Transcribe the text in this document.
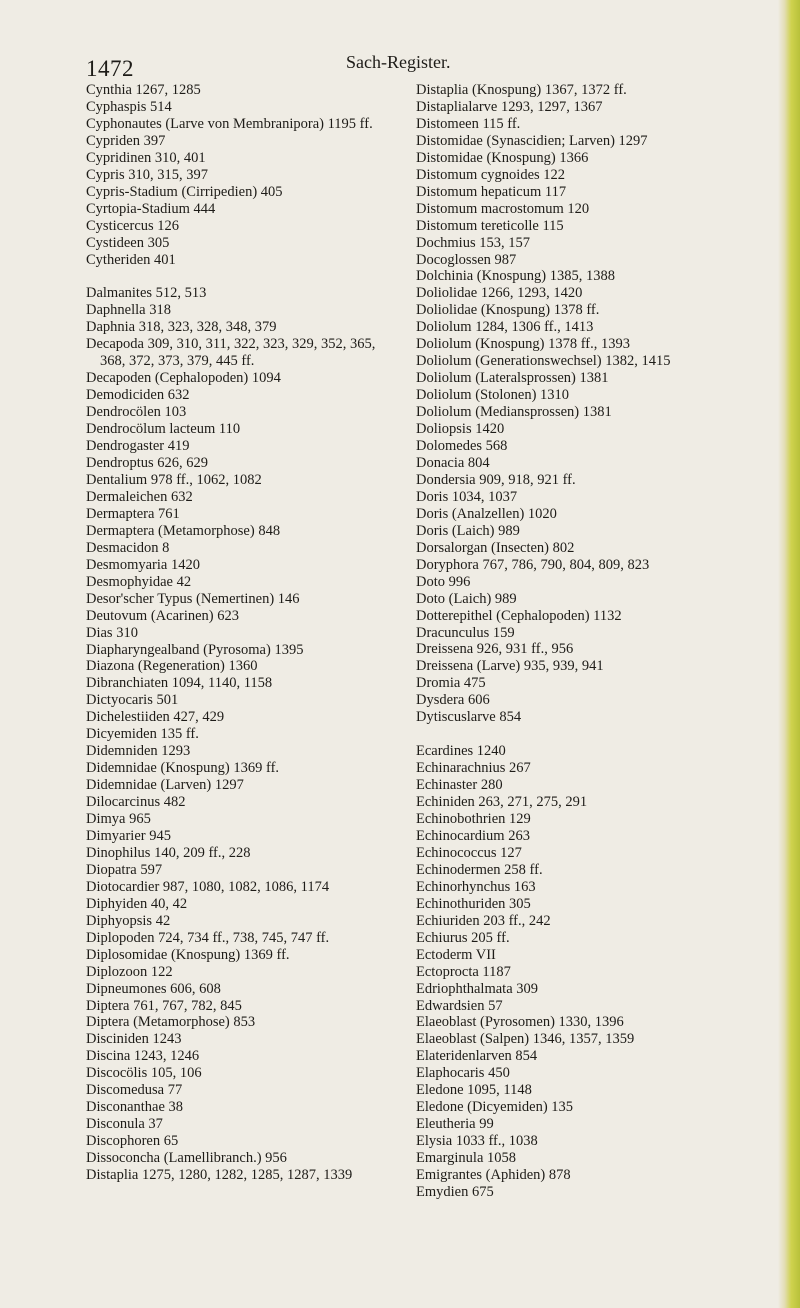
1472	Sach-Register.
Cynthia 1267, 1285
Cyphaspis 514
Cyphonautes (Larve von Membranipora) 1195 ff.
Cypriden 397
Cypridinen 310, 401
Cypris 310, 315, 397
Cypris-Stadium (Cirripedien) 405
Cyrtopia-Stadium 444
Cysticercus 126
Cystideen 305
Cytheriden 401
Dalmanites 512, 513
Daphnella 318
Daphnia 318, 323, 328, 348, 379
Decapoda 309, 310, 311, 322, 323, 329, 352, 365, 368, 372, 373, 379, 445 ff.
Decapoden (Cephalopoden) 1094
Demodiciden 632
Dendrocölen 103
Dendrocölum lacteum 110
Dendrogaster 419
Dendroptus 626, 629
Dentalium 978 ff., 1062, 1082
Dermaleichen 632
Dermaptera 761
Dermaptera (Metamorphose) 848
Desmacidon 8
Desmomyaria 1420
Desmophyidae 42
Desor'scher Typus (Nemertinen) 146
Deutovum (Acarinen) 623
Dias 310
Diapharyngealband (Pyrosoma) 1395
Diazona (Regeneration) 1360
Dibranchiaten 1094, 1140, 1158
Dictyocaris 501
Dichelestiiden 427, 429
Dicyemiden 135 ff.
Didemniden 1293
Didemnidae (Knospung) 1369 ff.
Didemnidae (Larven) 1297
Dilocarcinus 482
Dimya 965
Dimyarier 945
Dinophilus 140, 209 ff., 228
Diopatra 597
Diotocardier 987, 1080, 1082, 1086, 1174
Diphyiden 40, 42
Diphyopsis 42
Diplopoden 724, 734 ff., 738, 745, 747 ff.
Diplosomidae (Knospung) 1369 ff.
Diplozoon 122
Dipneumones 606, 608
Diptera 761, 767, 782, 845
Diptera (Metamorphose) 853
Disciniden 1243
Discina 1243, 1246
Discocölis 105, 106
Discomedusa 77
Disconanthae 38
Disconula 37
Discophoren 65
Dissoconcha (Lamellibranch.) 956
Distaplia 1275, 1280, 1282, 1285, 1287, 1339
Distaplia (Knospung) 1367, 1372 ff.
Distaplialarve 1293, 1297, 1367
Distomeen 115 ff.
Distomidae (Synascidien; Larven) 1297
Distomidae (Knospung) 1366
Distomum cygnoides 122
Distomum hepaticum 117
Distomum macrostomum 120
Distomum tereticolle 115
Dochmius 153, 157
Docoglossen 987
Dolchinia (Knospung) 1385, 1388
Doliolidae 1266, 1293, 1420
Doliolidae (Knospung) 1378 ff.
Doliolum 1284, 1306 ff., 1413
Doliolum (Knospung) 1378 ff., 1393
Doliolum (Generationswechsel) 1382, 1415
Doliolum (Lateralsprossen) 1381
Doliolum (Stolonen) 1310
Doliolum (Mediansprossen) 1381
Doliopsis 1420
Dolomedes 568
Donacia 804
Dondersia 909, 918, 921 ff.
Doris 1034, 1037
Doris (Analzellen) 1020
Doris (Laich) 989
Dorsalorgan (Insecten) 802
Doryphora 767, 786, 790, 804, 809, 823
Doto 996
Doto (Laich) 989
Dotterepithel (Cephalopoden) 1132
Dracunculus 159
Dreissena 926, 931 ff., 956
Dreissena (Larve) 935, 939, 941
Dromia 475
Dysdera 606
Dytiscuslarve 854
Ecardines 1240
Echinarachnius 267
Echinaster 280
Echiniden 263, 271, 275, 291
Echinobothrien 129
Echinocardium 263
Echinococcus 127
Echinodermen 258 ff.
Echinorhynchus 163
Echinothuriden 305
Echiuriden 203 ff., 242
Echiurus 205 ff.
Ectoderm VII
Ectoprocta 1187
Edriophthalmata 309
Edwardsien 57
Elaeoblast (Pyrosomen) 1330, 1396
Elaeoblast (Salpen) 1346, 1357, 1359
Elateridenlarven 854
Elaphocaris 450
Eledone 1095, 1148
Eledone (Dicyemiden) 135
Eleutheria 99
Elysia 1033 ff., 1038
Emarginula 1058
Emigrantes (Aphiden) 878
Emydien 675
